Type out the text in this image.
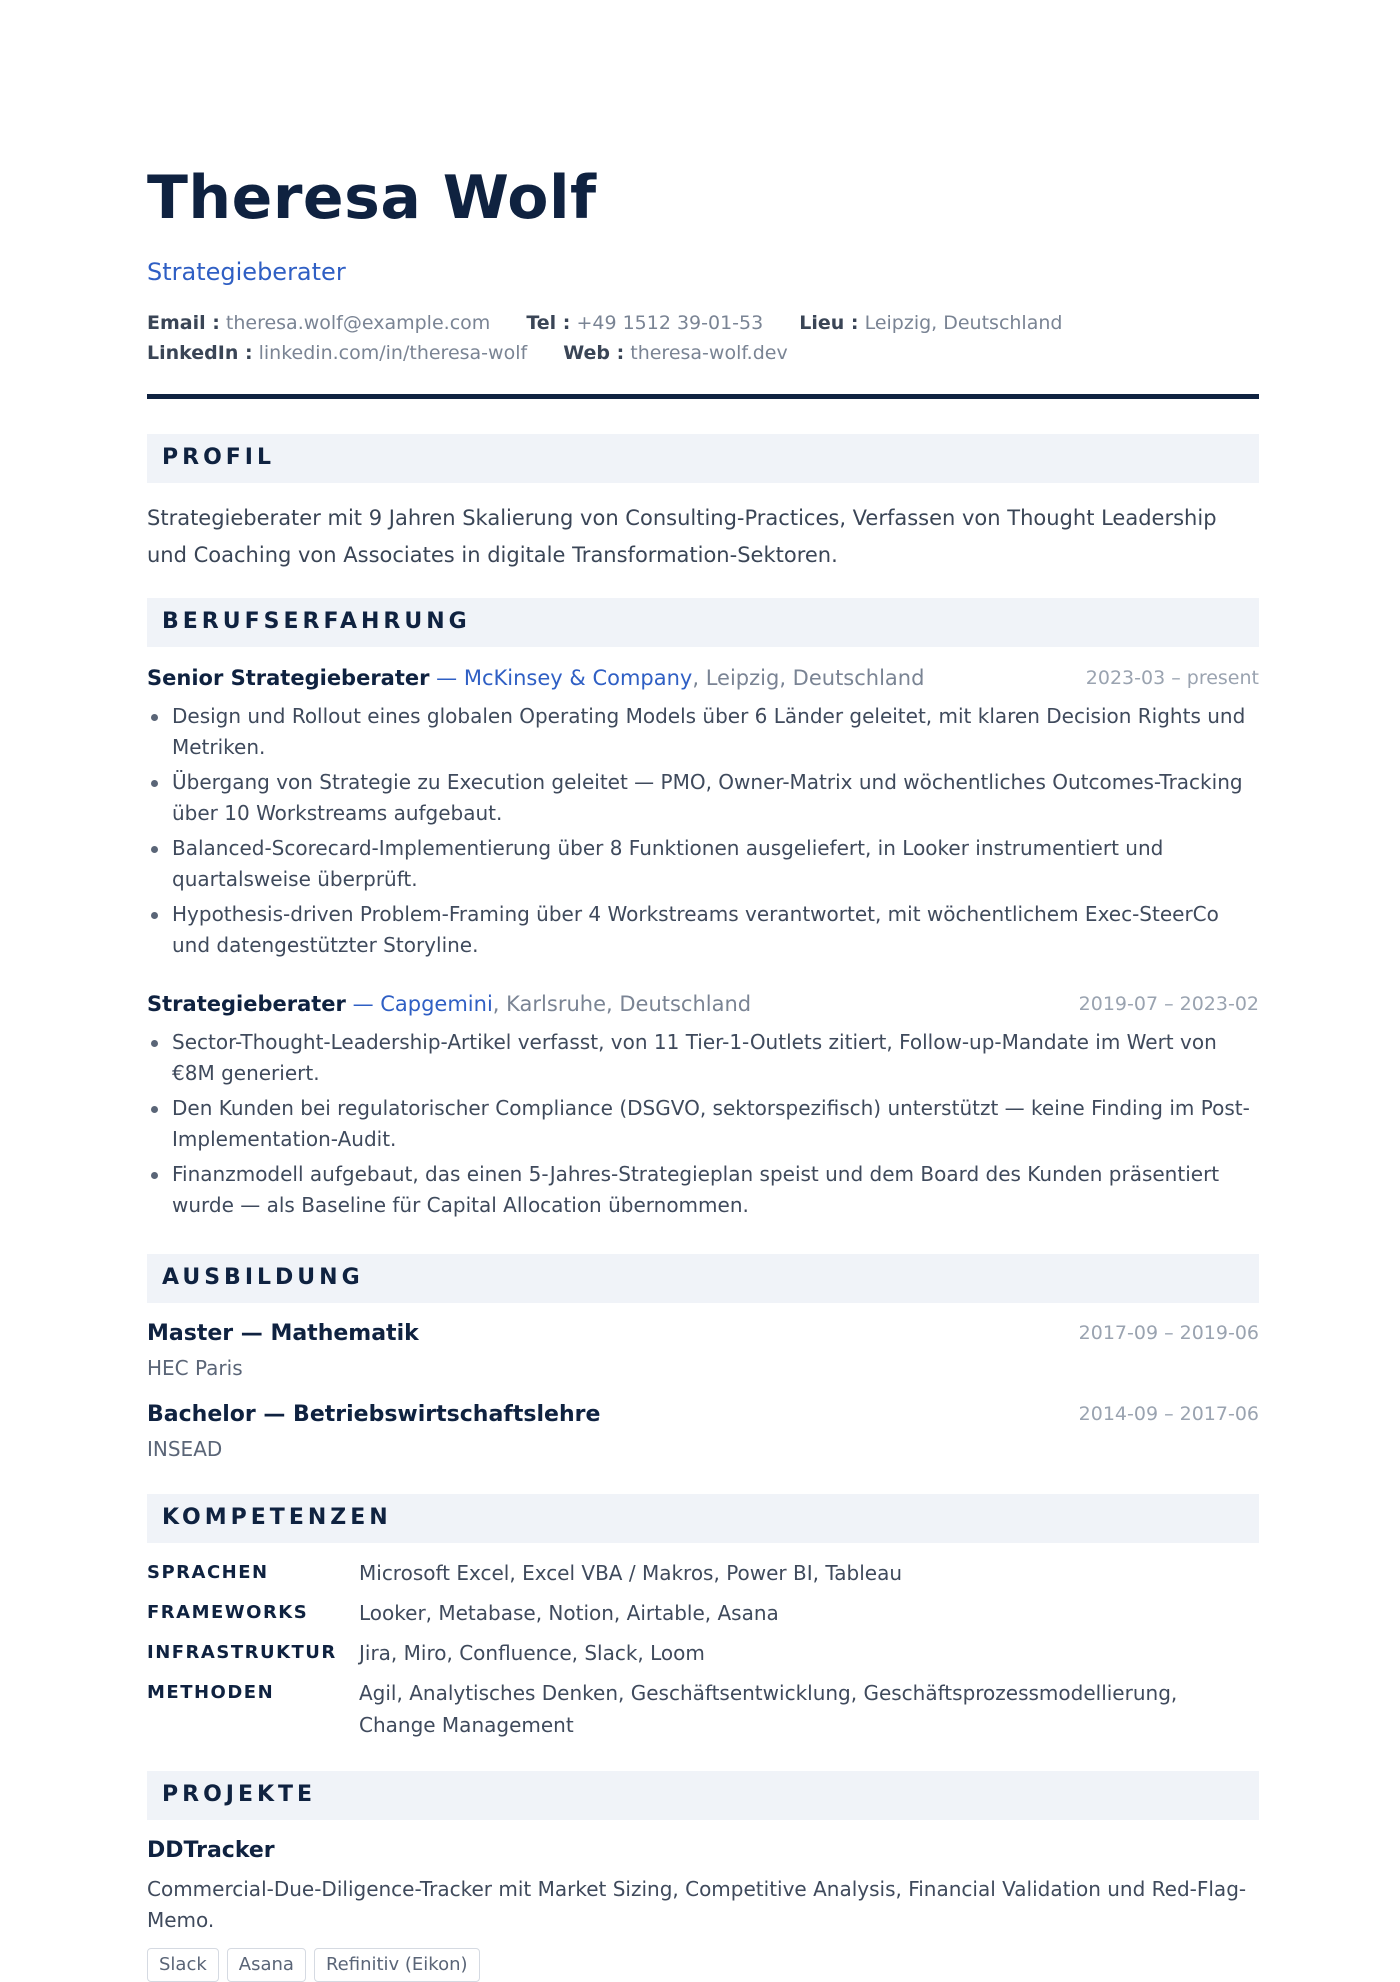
Theresa Wolf
Strategieberater
Email : theresa.wolf@example.com Tel : +49 1512 39-01-53 Lieu : Leipzig, Deutschland
LinkedIn : linkedin.com/in/theresa-wolf Web : theresa-wolf.dev
PROFIL
Strategieberater mit 9 Jahren Skalierung von Consulting-Practices, Verfassen von Thought Leadership und Coaching von Associates in digitale Transformation-Sektoren.
BERUFSERFAHRUNG
Senior Strategieberater — McKinsey & Company, Leipzig, Deutschland	2023-03 – present
Design und Rollout eines globalen Operating Models über 6 Länder geleitet, mit klaren Decision Rights und Metriken.
Übergang von Strategie zu Execution geleitet — PMO, Owner-Matrix und wöchentliches Outcomes-Tracking über 10 Workstreams aufgebaut.
Balanced-Scorecard-Implementierung über 8 Funktionen ausgeliefert, in Looker instrumentiert und quartalsweise überprüft.
Hypothesis-driven Problem-Framing über 4 Workstreams verantwortet, mit wöchentlichem Exec-SteerCo und datengestützter Storyline.
Strategieberater — Capgemini, Karlsruhe, Deutschland	2019-07 – 2023-02
Sector-Thought-Leadership-Artikel verfasst, von 11 Tier-1-Outlets zitiert, Follow-up-Mandate im Wert von €8M generiert.
Den Kunden bei regulatorischer Compliance (DSGVO, sektorspezifisch) unterstützt — keine Finding im Post-Implementation-Audit.
Finanzmodell aufgebaut, das einen 5-Jahres-Strategieplan speist und dem Board des Kunden präsentiert wurde — als Baseline für Capital Allocation übernommen.
AUSBILDUNG
Master — Mathematik	2017-09 – 2019-06
HEC Paris
Bachelor — Betriebswirtschaftslehre	2014-09 – 2017-06
INSEAD
KOMPETENZEN
SPRACHEN	Microsoft Excel, Excel VBA / Makros, Power BI, Tableau
FRAMEWORKS	Looker, Metabase, Notion, Airtable, Asana
INFRASTRUKTUR	Jira, Miro, Confluence, Slack, Loom
METHODEN	Agil, Analytisches Denken, Geschäftsentwicklung, Geschäftsprozessmodellierung, Change Management
PROJEKTE
DDTracker
Commercial-Due-Diligence-Tracker mit Market Sizing, Competitive Analysis, Financial Validation und Red-Flag-Memo.
Slack Asana Refinitiv (Eikon)
